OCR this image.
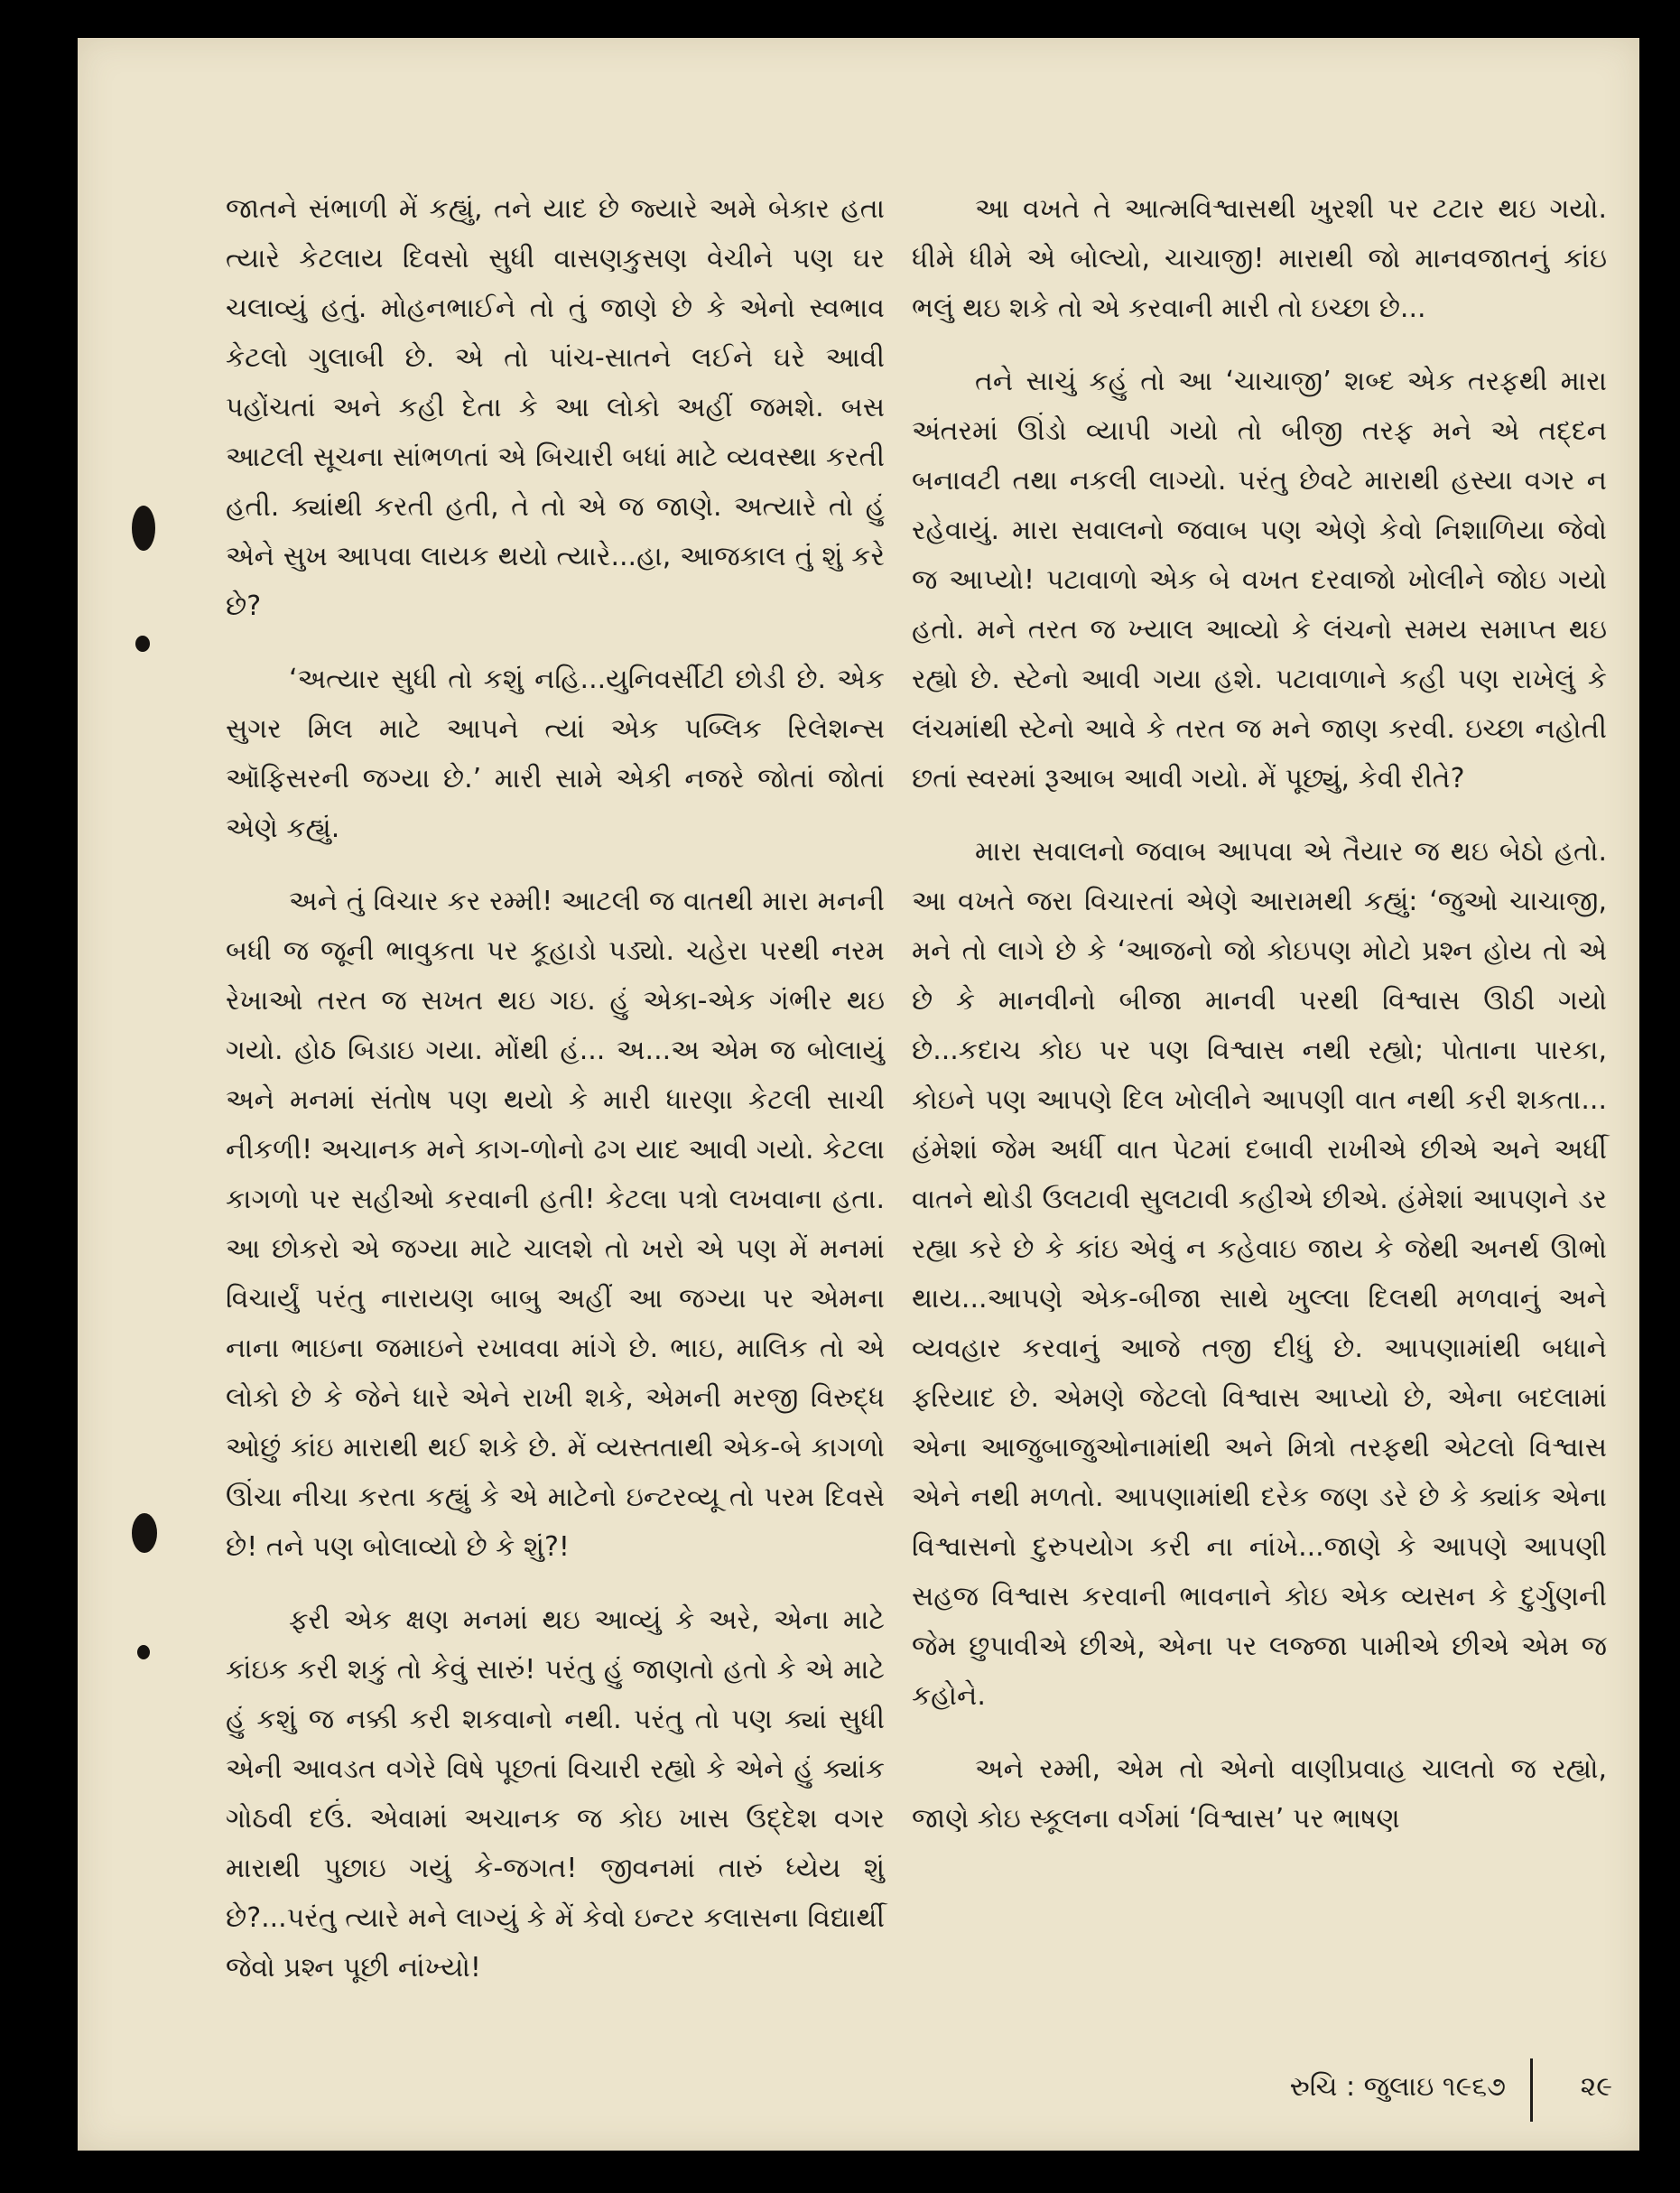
જાતને સંભાળી મેં કહ્યું, તને યાદ છે જ્યારે અમે બેકાર હતા ત્યારે કેટલાય દિવસો સુધી વાસણકુસણ વેચીને પણ ઘર ચલાવ્યું હતું. મોહનભાઈને તો તું જાણે છે કે એનો સ્વભાવ કેટલો ગુલાબી છે. એ તો પાંચ-સાતને લઈને ઘરે આવી પહોંચતાં અને કહી દેતા કે આ લોકો અહીં જમશે. બસ આટલી સૂચના સાંભળતાં એ બિચારી બધાં માટે વ્યવસ્થા કરતી હતી. ક્યાંથી કરતી હતી, તે તો એ જ જાણે. અત્યારે તો હું એને સુખ આપવા લાયક થયો ત્યારે...હા, આજકાલ તું શું કરે છે?

‘અત્યાર સુધી તો કશું નહિ...યુનિવર્સીટી છોડી છે. એક સુગર મિલ માટે આપને ત્યાં એક પબ્લિક રિલેશન્સ ઑફિસરની જગ્યા છે.’ મારી સામે એકી નજરે જોતાં જોતાં એણે કહ્યું.

અને તું વિચાર કર રમ્મી! આટલી જ વાતથી મારા મનની બધી જ જૂની ભાવુકતા પર કૂહાડો પડ્યો. ચહેરા પરથી નરમ રેખાઓ તરત જ સખત થઇ ગઇ. હું એકા-એક ગંભીર થઇ ગયો. હોઠ બિડાઇ ગયા. મોંથી હં... અ...અ એમ જ બોલાયું અને મનમાં સંતોષ પણ થયો કે મારી ધારણા કેટલી સાચી નીકળી! અચાનક મને કાગ-ળોનો ઢગ યાદ આવી ગયો. કેટલા કાગળો પર સહીઓ કરવાની હતી! કેટલા પત્રો લખવાના હતા. આ છોકરો એ જગ્યા માટે ચાલશે તો ખરો એ પણ મેં મનમાં વિચાર્યું પરંતુ નારાયણ બાબુ અહીં આ જગ્યા પર એમના નાના ભાઇના જમાઇને રખાવવા માંગે છે. ભાઇ, માલિક તો એ લોકો છે કે જેને ધારે એને રાખી શકે, એમની મરજી વિરુદ્ધ ઓછું કાંઇ મારાથી થઈ શકે છે. મેં વ્યસ્તતાથી એક-બે કાગળો ઊંચા નીચા કરતા કહ્યું કે એ માટેનો ઇન્ટરવ્યૂ તો પરમ દિવસે છે! તને પણ બોલાવ્યો છે કે શું?!

ફરી એક ક્ષણ મનમાં થઇ આવ્યું કે અરે, એના માટે કાંઇક કરી શકું તો કેવું સારું! પરંતુ હું જાણતો હતો કે એ માટે હું કશું જ નક્કી કરી શકવાનો નથી. પરંતુ તો પણ ક્યાં સુધી એની આવડત વગેરે વિષે પૂછતાં વિચારી રહ્યો કે એને હું ક્યાંક ગોઠવી દઉં. એવામાં અચાનક જ કોઇ ખાસ ઉદ્દેશ વગર મારાથી પુછાઇ ગયું કે-જગત! જીવનમાં તારું ધ્યેય શું છે?...પરંતુ ત્યારે મને લાગ્યું કે મેં કેવો ઇન્ટર કલાસના વિદ્યાર્થી જેવો પ્રશ્ન પૂછી નાંખ્યો!

આ વખતે તે આત્મવિશ્વાસથી ખુરશી પર ટટાર થઇ ગયો. ધીમે ધીમે એ બોલ્યો, ચાચાજી! મારાથી જો માનવજાતનું કાંઇ ભલું થઇ શકે તો એ કરવાની મારી તો ઇચ્છા છે...

તને સાચું કહું તો આ ‘ચાચાજી’ શબ્દ એક તરફથી મારા અંતરમાં ઊંડો વ્યાપી ગયો તો બીજી તરફ મને એ તદ્દન બનાવટી તથા નકલી લાગ્યો. પરંતુ છેવટે મારાથી હસ્યા વગર ન રહેવાયું. મારા સવાલનો જવાબ પણ એણે કેવો નિશાળિયા જેવો જ આપ્યો! પટાવાળો એક બે વખત દરવાજો ખોલીને જોઇ ગયો હતો. મને તરત જ ખ્યાલ આવ્યો કે લંચનો સમય સમાપ્ત થઇ રહ્યો છે. સ્ટેનો આવી ગયા હશે. પટાવાળાને કહી પણ રાખેલું કે લંચમાંથી સ્ટેનો આવે કે તરત જ મને જાણ કરવી. ઇચ્છા નહોતી છતાં સ્વરમાં રૂઆબ આવી ગયો. મેં પૂછ્યું, કેવી રીતે?

મારા સવાલનો જવાબ આપવા એ તૈયાર જ થઇ બેઠો હતો. આ વખતે જરા વિચારતાં એણે આરામથી કહ્યું: ‘જુઓ ચાચાજી, મને તો લાગે છે કે ‘આજનો જો કોઇપણ મોટો પ્રશ્ન હોય તો એ છે કે માનવીનો બીજા માનવી પરથી વિશ્વાસ ઊઠી ગયો છે...કદાચ કોઇ પર પણ વિશ્વાસ નથી રહ્યો; પોતાના પારકા, કોઇને પણ આપણે દિલ ખોલીને આપણી વાત નથી કરી શકતા... હંમેશાં જેમ અર્ધી વાત પેટમાં દબાવી રાખીએ છીએ અને અર્ધી વાતને થોડી ઉલટાવી સુલટાવી કહીએ છીએ. હંમેશાં આપણને ડર રહ્યા કરે છે કે કાંઇ એવું ન કહેવાઇ જાય કે જેથી અનર્થ ઊભો થાય...આપણે એક-બીજા સાથે ખુલ્લા દિલથી મળવાનું અને વ્યવહાર કરવાનું આજે તજી દીધું છે. આપણામાંથી બધાને ફરિયાદ છે. એમણે જેટલો વિશ્વાસ આપ્યો છે, એના બદલામાં એના આજુબાજુઓનામાંથી અને મિત્રો તરફથી એટલો વિશ્વાસ એને નથી મળતો. આપણામાંથી દરેક જણ ડરે છે કે ક્યાંક એના વિશ્વાસનો દુરુપયોગ કરી ના નાંખે...જાણે કે આપણે આપણી સહજ વિશ્વાસ કરવાની ભાવનાને કોઇ એક વ્યસન કે દુર્ગુણની જેમ છુપાવીએ છીએ, એના પર લજ્જા પામીએ છીએ એમ જ કહોને.

અને રમ્મી, એમ તો એનો વાણીપ્રવાહ ચાલતો જ રહ્યો, જાણે કોઇ સ્કૂલના વર્ગમાં ‘વિશ્વાસ’ પર ભાષણ

રુચિ : જુલાઇ ૧૯૬૭	૨૯
